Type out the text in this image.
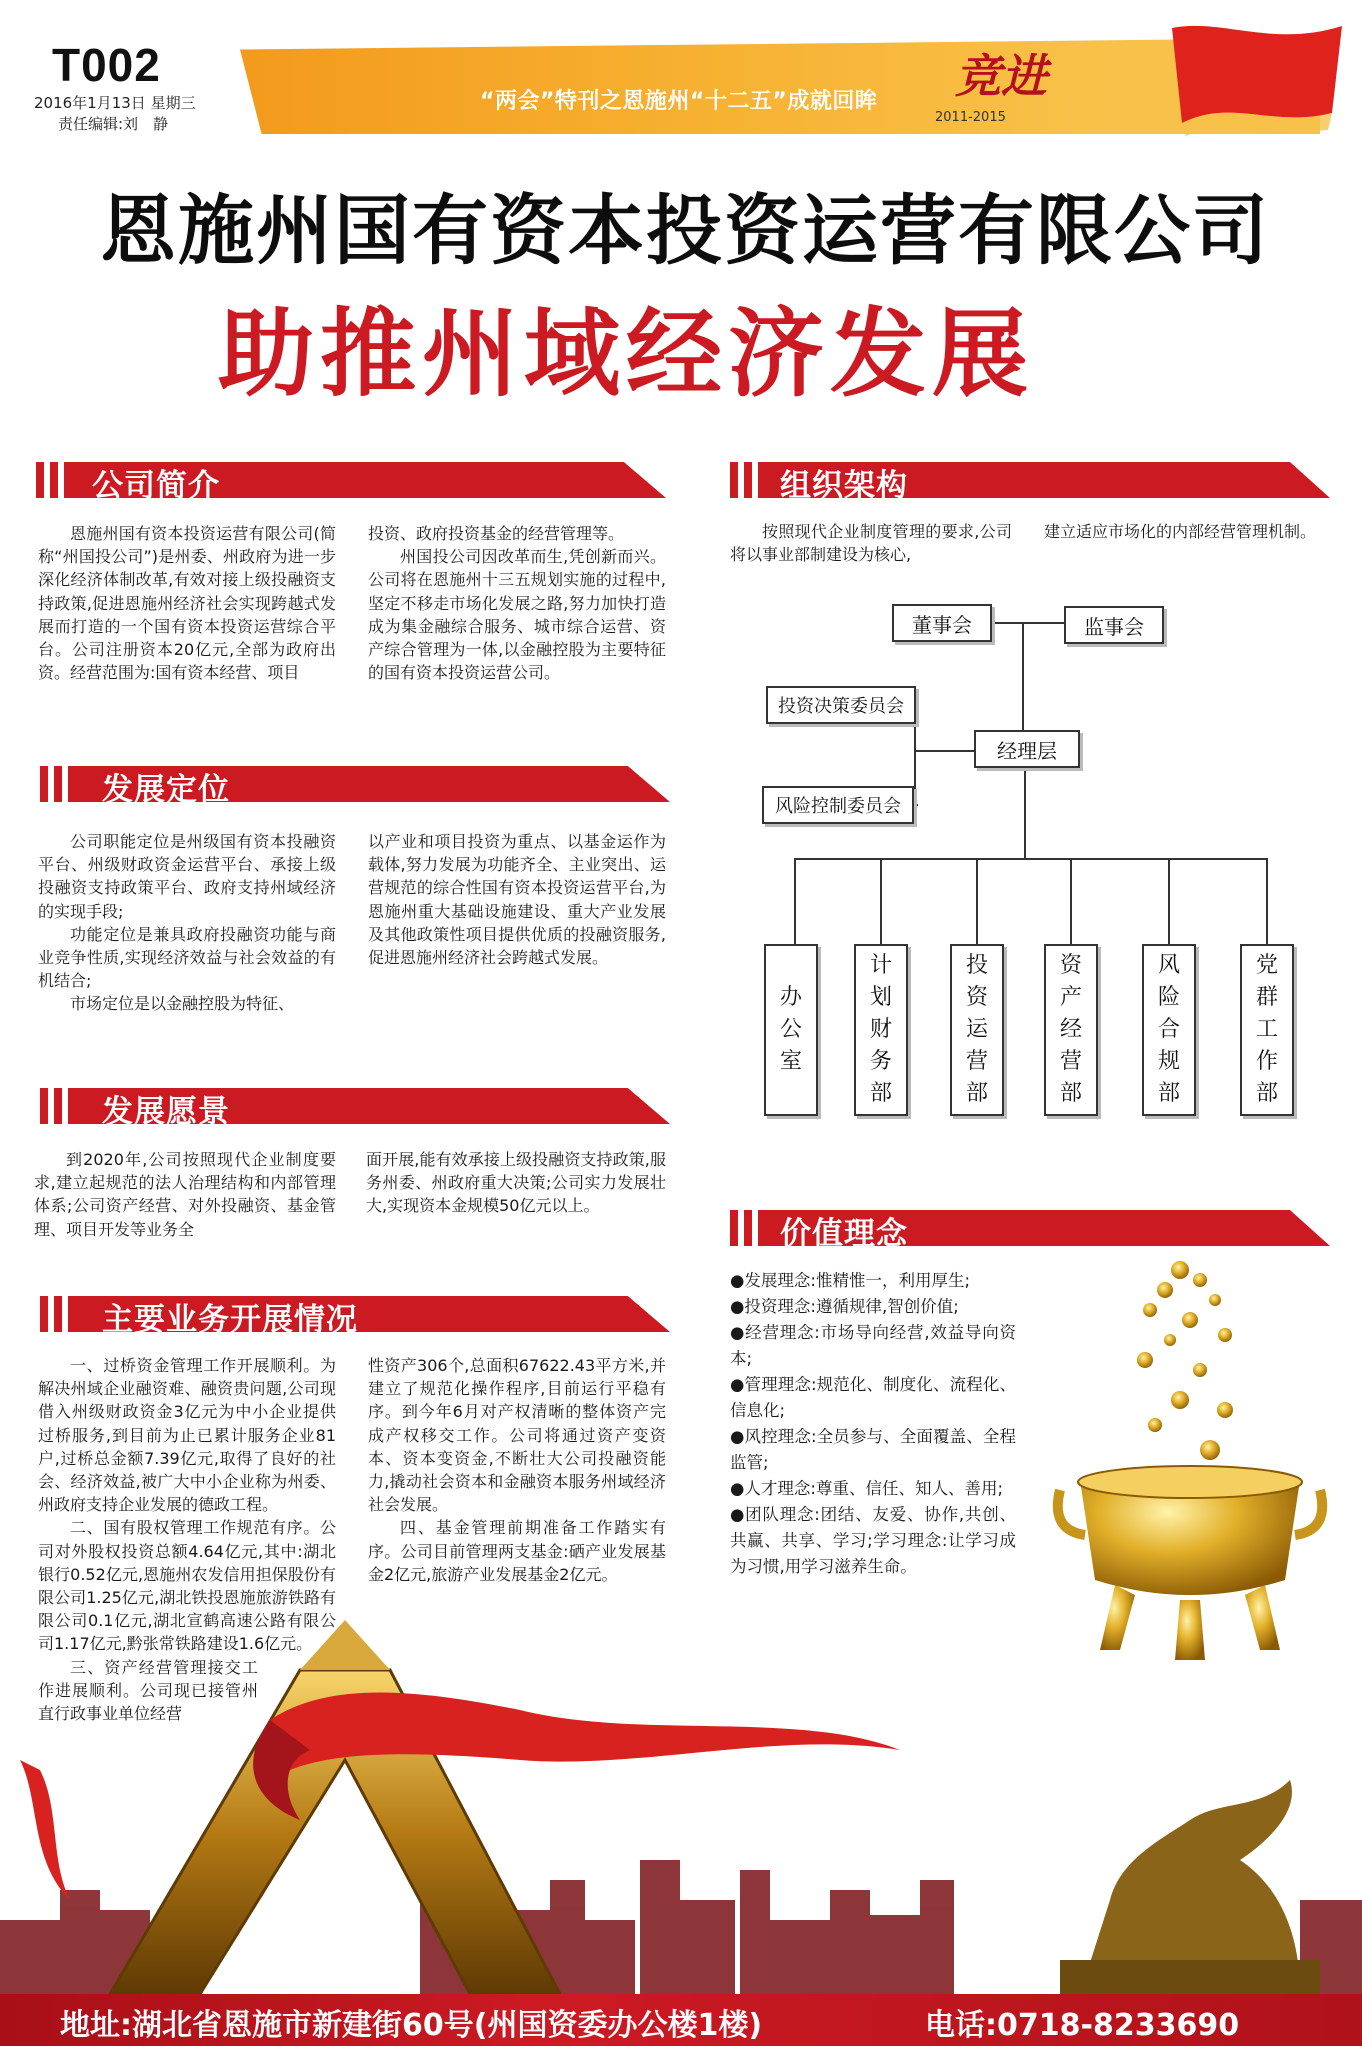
T002
2016年1月13日 星期三
责任编辑:刘　静
“两会”特刊之恩施州“十二五”成就回眸 竞进
2011-2015
恩施州国有资本投资运营有限公司
助推州域经济发展
公司简介

恩施州国有资本投资运营有限公司(简称“州国投公司”)是州委、州政府为进一步深化经济体制改革,有效对接上级投融资支持政策,促进恩施州经济社会实现跨越式发展而打造的一个国有资本投资运营综合平台。公司注册资本20亿元,全部为政府出资。经营范围为:国有资本经营、项目

投资、政府投资基金的经营管理等。

州国投公司因改革而生,凭创新而兴。公司将在恩施州十三五规划实施的过程中,坚定不移走市场化发展之路,努力加快打造成为集金融综合服务、城市综合运营、资产综合管理为一体,以金融控股为主要特征的国有资本投资运营公司。

发展定位

公司职能定位是州级国有资本投融资平台、州级财政资金运营平台、承接上级投融资支持政策平台、政府支持州域经济的实现手段;

功能定位是兼具政府投融资功能与商业竞争性质,实现经济效益与社会效益的有机结合;

市场定位是以金融控股为特征、

以产业和项目投资为重点、以基金运作为载体,努力发展为功能齐全、主业突出、运营规范的综合性国有资本投资运营平台,为恩施州重大基础设施建设、重大产业发展及其他政策性项目提供优质的投融资服务,促进恩施州经济社会跨越式发展。

发展愿景

到2020年,公司按照现代企业制度要求,建立起规范的法人治理结构和内部管理体系;公司资产经营、对外投融资、基金管理、项目开发等业务全

面开展,能有效承接上级投融资支持政策,服务州委、州政府重大决策;公司实力发展壮大,实现资本金规模50亿元以上。

主要业务开展情况

一、过桥资金管理工作开展顺利。为解决州域企业融资难、融资贵问题,公司现借入州级财政资金3亿元为中小企业提供过桥服务,到目前为止已累计服务企业81户,过桥总金额7.39亿元,取得了良好的社会、经济效益,被广大中小企业称为州委、州政府支持企业发展的德政工程。

二、国有股权管理工作规范有序。公司对外股权投资总额4.64亿元,其中:湖北银行0.52亿元,恩施州农发信用担保股份有限公司1.25亿元,湖北铁投恩施旅游铁路有限公司0.1亿元,湖北宣鹤高速公路有限公司1.17亿元,黔张常铁路建设1.6亿元。

三、资产经营管理接交工作进展顺利。公司现已接管州直行政事业单位经营

性资产306个,总面积67622.43平方米,并建立了规范化操作程序,目前运行平稳有序。到今年6月对产权清晰的整体资产完成产权移交工作。公司将通过资产变资本、资本变资金,不断壮大公司投融资能力,撬动社会资本和金融资本服务州域经济社会发展。

四、基金管理前期准备工作踏实有序。公司目前管理两支基金:硒产业发展基金2亿元,旅游产业发展基金2亿元。

组织架构

按照现代企业制度管理的要求,公司将以事业部制建设为核心,

建立适应市场化的内部经营管理机制。

董事会	监事会
投资决策委员会
经理层
风险控制委员会
办公室
计划财务部
投资运营部
资产经营部
风险合规部
党群工作部
价值理念
●发展理念:惟精惟一，利用厚生;
●投资理念:遵循规律,智创价值;
●经营理念:市场导向经营,效益导向资本;
●管理理念:规范化、制度化、流程化、信息化;
●风控理念:全员参与、全面覆盖、全程监管;
●人才理念:尊重、信任、知人、善用;
●团队理念:团结、友爱、协作,共创、共赢、共享、学习;学习理念:让学习成为习惯,用学习滋养生命。
地址:湖北省恩施市新建街60号(州国资委办公楼1楼)	电话:0718-8233690
